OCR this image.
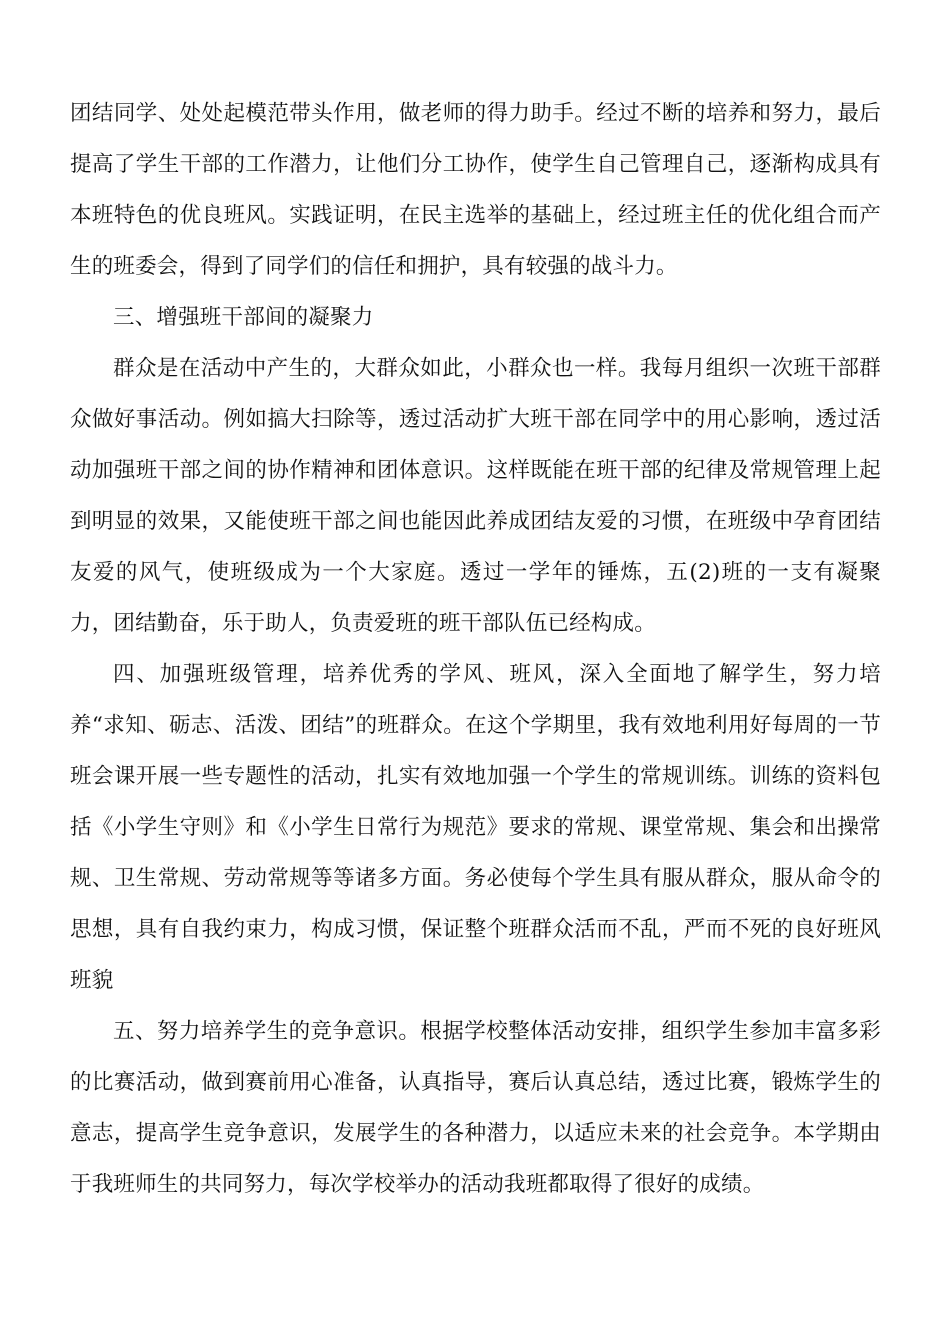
团结同学、处处起模范带头作用，做老师的得力助手。经过不断的培养和努力，最后提高了学生干部的工作潜力，让他们分工协作，使学生自己管理自己，逐渐构成具有本班特色的优良班风。实践证明，在民主选举的基础上，经过班主任的优化组合而产生的班委会，得到了同学们的信任和拥护，具有较强的战斗力。

三、增强班干部间的凝聚力

群众是在活动中产生的，大群众如此，小群众也一样。我每月组织一次班干部群众做好事活动。例如搞大扫除等，透过活动扩大班干部在同学中的用心影响，透过活动加强班干部之间的协作精神和团体意识。这样既能在班干部的纪律及常规管理上起到明显的效果，又能使班干部之间也能因此养成团结友爱的习惯，在班级中孕育团结友爱的风气，使班级成为一个大家庭。透过一学年的锤炼，五(2)班的一支有凝聚力，团结勤奋，乐于助人，负责爱班的班干部队伍已经构成。

四、加强班级管理，培养优秀的学风、班风，深入全面地了解学生，努力培养“求知、砺志、活泼、团结”的班群众。在这个学期里，我有效地利用好每周的一节班会课开展一些专题性的活动，扎实有效地加强一个学生的常规训练。训练的资料包括《小学生守则》和《小学生日常行为规范》要求的常规、课堂常规、集会和出操常规、卫生常规、劳动常规等等诸多方面。务必使每个学生具有服从群众，服从命令的思想，具有自我约束力，构成习惯，保证整个班群众活而不乱，严而不死的良好班风班貌

五、努力培养学生的竞争意识。根据学校整体活动安排，组织学生参加丰富多彩的比赛活动，做到赛前用心准备，认真指导，赛后认真总结，透过比赛，锻炼学生的意志，提高学生竞争意识，发展学生的各种潜力，以适应未来的社会竞争。本学期由于我班师生的共同努力，每次学校举办的活动我班都取得了很好的成绩。
